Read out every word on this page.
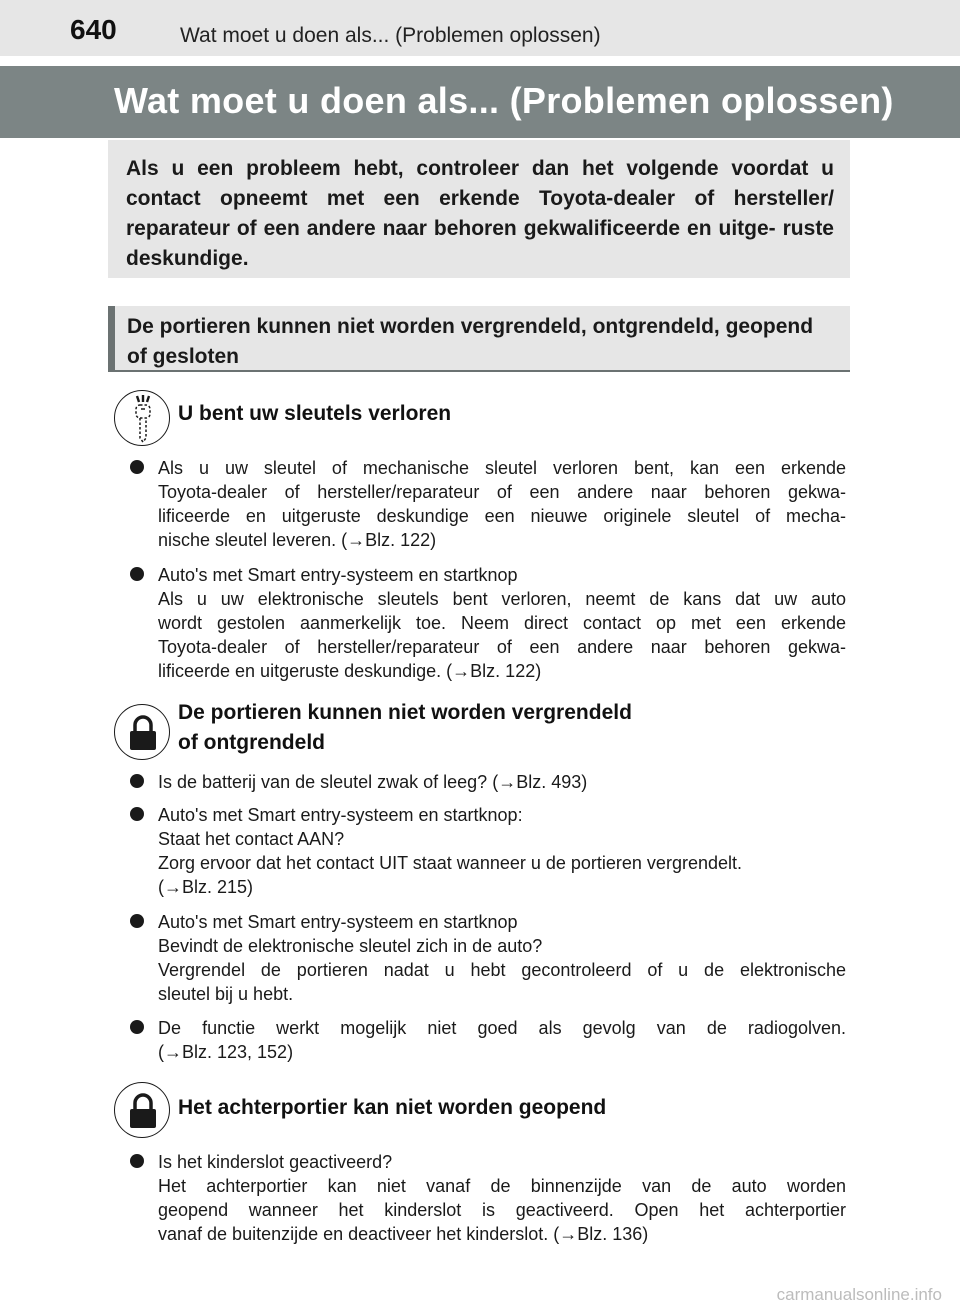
640	Wat moet u doen als... (Problemen oplossen)
Wat moet u doen als... (Problemen oplossen)

Als u een probleem hebt, controleer dan het volgende voordat u contact opneemt met een erkende Toyota-dealer of hersteller/ reparateur of een andere naar behoren gekwalificeerde en uitge- ruste deskundige.

De portieren kunnen niet worden vergrendeld, ontgrendeld, geopend of gesloten
U bent uw sleutels verloren
Als u uw sleutel of mechanische sleutel verloren bent, kan een erkende
Toyota-dealer of hersteller/reparateur of een andere naar behoren gekwa-
lificeerde en uitgeruste deskundige een nieuwe originele sleutel of mecha-
nische sleutel leveren. (→Blz. 122)
Auto's met Smart entry-systeem en startknop
Als u uw elektronische sleutels bent verloren, neemt de kans dat uw auto
wordt gestolen aanmerkelijk toe. Neem direct contact op met een erkende
Toyota-dealer of hersteller/reparateur of een andere naar behoren gekwa-
lificeerde en uitgeruste deskundige. (→Blz. 122)
De portieren kunnen niet worden vergrendeld
of ontgrendeld
Is de batterij van de sleutel zwak of leeg? (→Blz. 493)
Auto's met Smart entry-systeem en startknop:
Staat het contact AAN?
Zorg ervoor dat het contact UIT staat wanneer u de portieren vergrendelt.
(→Blz. 215)
Auto's met Smart entry-systeem en startknop
Bevindt de elektronische sleutel zich in de auto?
Vergrendel de portieren nadat u hebt gecontroleerd of u de elektronische
sleutel bij u hebt.
De functie werkt mogelijk niet goed als gevolg van de radiogolven.
(→Blz. 123, 152)
Het achterportier kan niet worden geopend
Is het kinderslot geactiveerd?
Het achterportier kan niet vanaf de binnenzijde van de auto worden
geopend wanneer het kinderslot is geactiveerd. Open het achterportier
vanaf de buitenzijde en deactiveer het kinderslot. (→Blz. 136)
carmanualsonline.info
